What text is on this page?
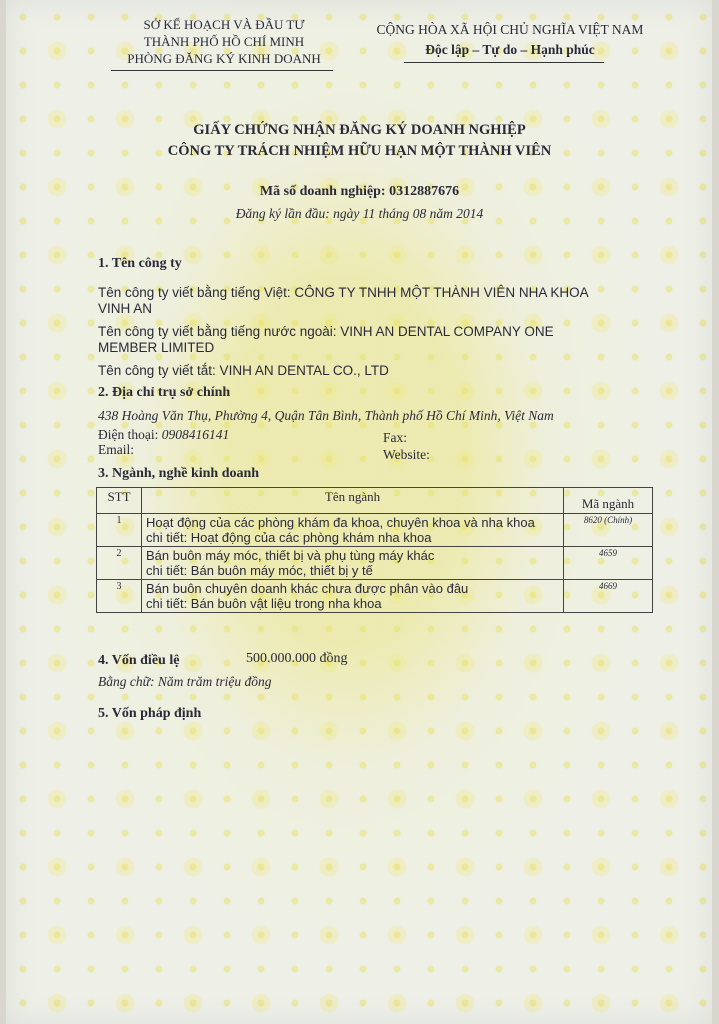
SỞ KẾ HOẠCH VÀ ĐẦU TƯ
THÀNH PHỐ HỒ CHÍ MINH
PHÒNG ĐĂNG KÝ KINH DOANH
CỘNG HÒA XÃ HỘI CHỦ NGHĨA VIỆT NAM
Độc lập – Tự do – Hạnh phúc
GIẤY CHỨNG NHẬN ĐĂNG KÝ DOANH NGHIỆP
CÔNG TY TRÁCH NHIỆM HỮU HẠN MỘT THÀNH VIÊN
Mã số doanh nghiệp: 0312887676
Đăng ký lần đầu: ngày 11 tháng 08 năm 2014
1. Tên công ty
Tên công ty viết bằng tiếng Việt: CÔNG TY TNHH MỘT THÀNH VIÊN NHA KHOA
VINH AN
Tên công ty viết bằng tiếng nước ngoài: VINH AN DENTAL COMPANY ONE
MEMBER LIMITED
Tên công ty viết tắt: VINH AN DENTAL CO., LTD
2. Địa chỉ trụ sở chính
438 Hoàng Văn Thụ, Phường 4, Quận Tân Bình, Thành phố Hồ Chí Minh, Việt Nam
Điện thoại: 0908416141	Fax:
Email:	Website:
3. Ngành, nghề kinh doanh
STT	Tên ngành	Mã ngành
1	Hoạt động của các phòng khám đa khoa, chuyên khoa và nha khoa
chi tiết: Hoạt động của các phòng khám nha khoa	8620 (Chính)
2	Bán buôn máy móc, thiết bị và phụ tùng máy khác
chi tiết: Bán buôn máy móc, thiết bị y tế	4659
3	Bán buôn chuyên doanh khác chưa được phân vào đâu
chi tiết: Bán buôn vật liệu trong nha khoa	4669
4. Vốn điều lệ	500.000.000 đồng
Bằng chữ: Năm trăm triệu đồng
5. Vốn pháp định
